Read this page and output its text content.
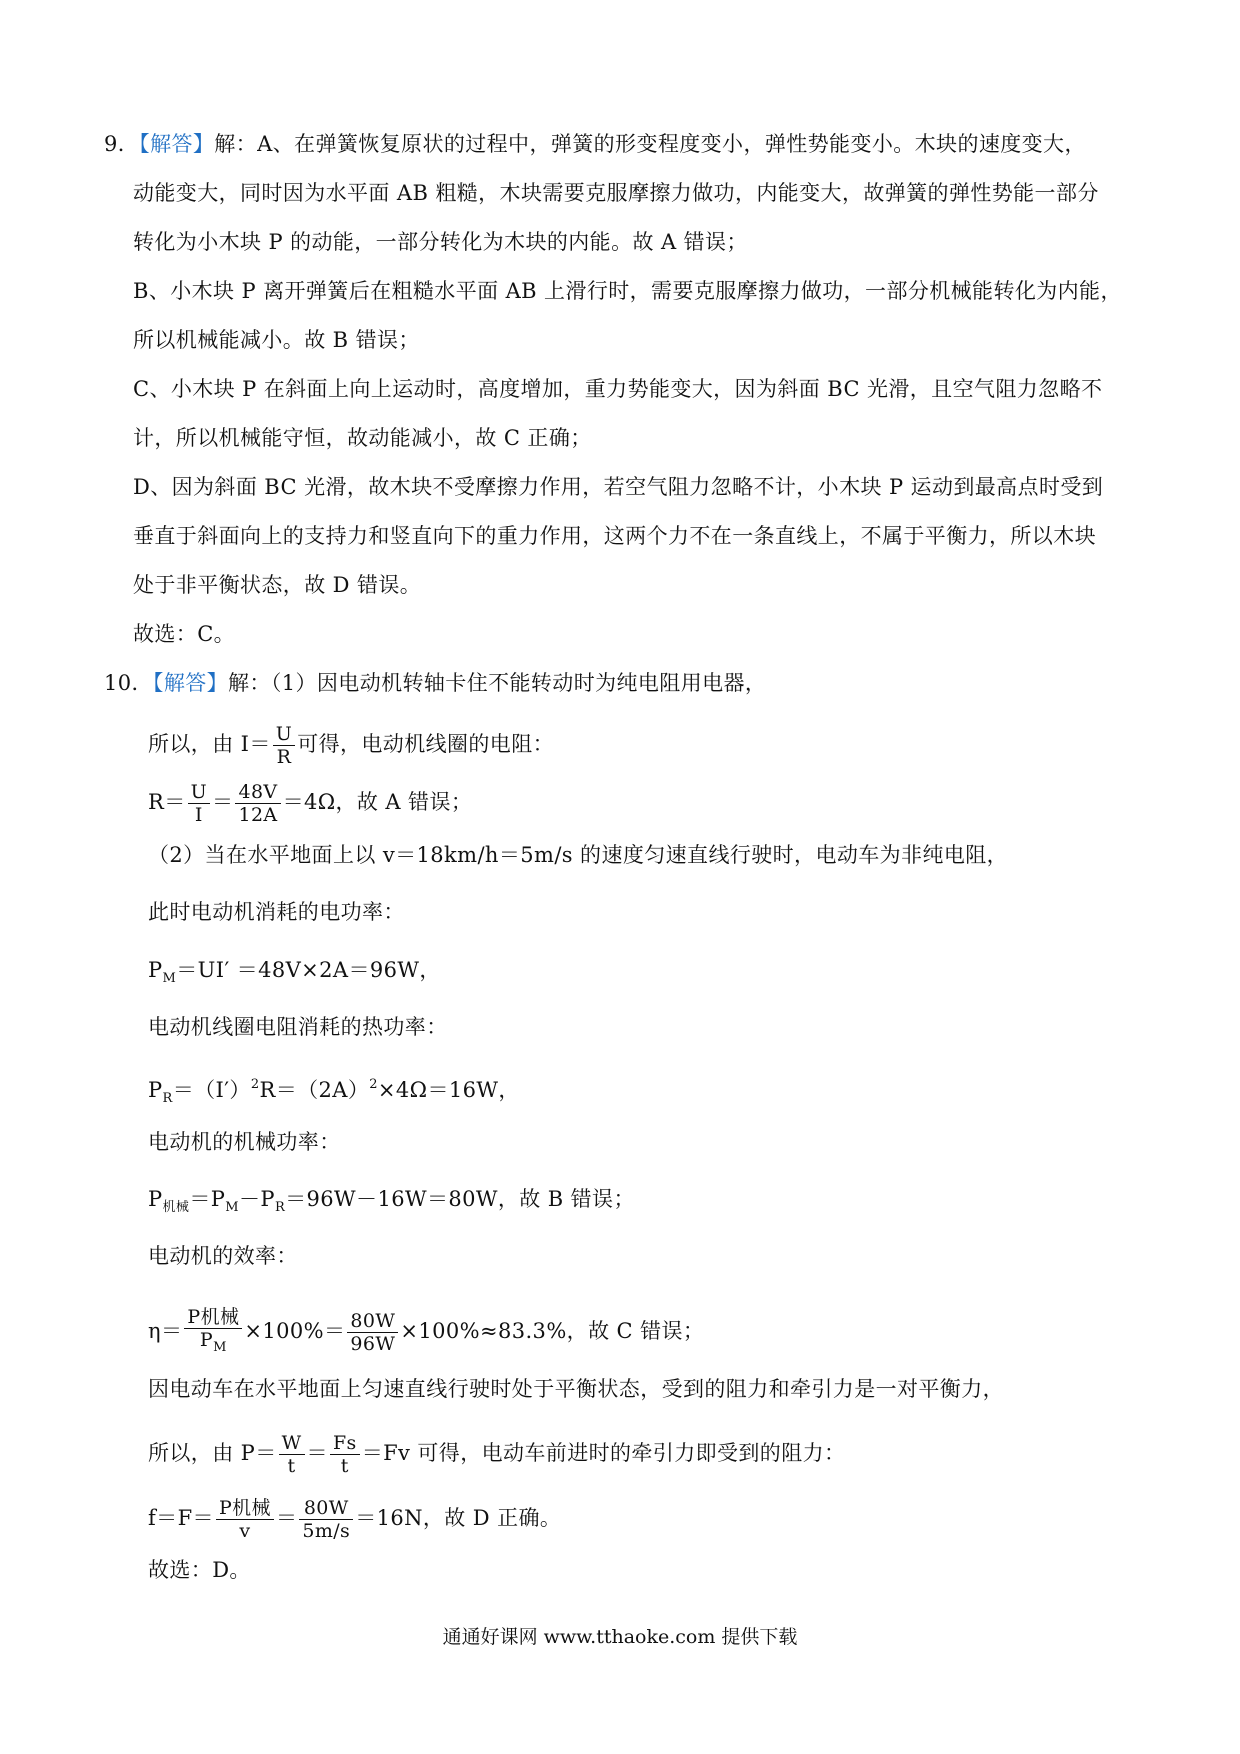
9．【解答】解：A、在弹簧恢复原状的过程中，弹簧的形变程度变小，弹性势能变小。木块的速度变大，
动能变大，同时因为水平面 AB 粗糙，木块需要克服摩擦力做功，内能变大，故弹簧的弹性势能一部分
转化为小木块 P 的动能，一部分转化为木块的内能。故 A 错误；
B、小木块 P 离开弹簧后在粗糙水平面 AB 上滑行时，需要克服摩擦力做功，一部分机械能转化为内能，
所以机械能减小。故 B 错误；
C、小木块 P 在斜面上向上运动时，高度增加，重力势能变大，因为斜面 BC 光滑，且空气阻力忽略不
计，所以机械能守恒，故动能减小，故 C 正确；
D、因为斜面 BC 光滑，故木块不受摩擦力作用，若空气阻力忽略不计，小木块 P 运动到最高点时受到
垂直于斜面向上的支持力和竖直向下的重力作用，这两个力不在一条直线上，不属于平衡力，所以木块
处于非平衡状态，故 D 错误。
故选：C。
10．【解答】解：（1）因电动机转轴卡住不能转动时为纯电阻用电器，
所以，由 $I= \frac{U}{R}$ 可得，电动机线圈的电阻：
$R= \frac{U}{I} = \frac{48V}{12A} =4\Omega$，故 A 错误；
（2）当在水平地面上以 v＝18km/h＝5m/s 的速度匀速直线行驶时，电动车为非纯电阻，
此时电动机消耗的电功率：
$P_M=UI' =48V\times 2A=96W$，
电动机线圈电阻消耗的热功率：
$P_R=(I')^2R=(2A)^2\times 4\Omega=16W$，
电动机的机械功率：
$P_{机械}=P_M-P_R=96W-16W=80W$，故 B 错误；
电动机的效率：
$\eta= \frac{\text{P机械}}{P_M} \times 100\%= \frac{80W}{96W} \times 100\%\approx 83.3\%$，故 C 错误；
因电动车在水平地面上匀速直线行驶时处于平衡状态，受到的阻力和牵引力是一对平衡力，
所以，由 $P= \frac{W}{t} = \frac{Fs}{t} =Fv$ 可得，电动车前进时的牵引力即受到的阻力：
$f=F= \frac{\text{P机械}}{v} = \frac{80W}{5m/s} =16N$，故 D 正确。
故选：D。
通通好课网 www.tthaoke.com 提供下载
